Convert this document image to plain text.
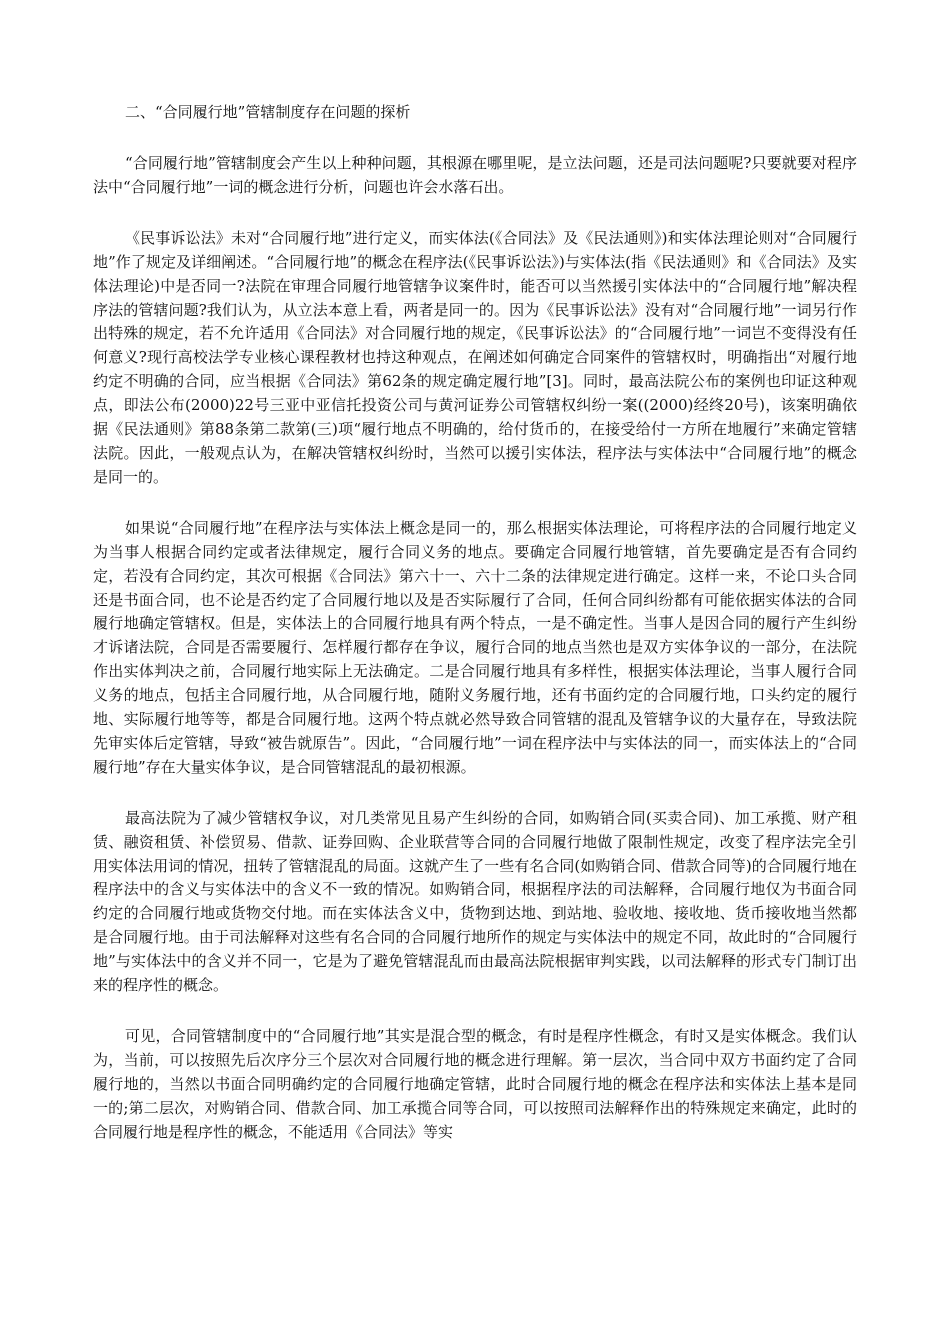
二、“合同履行地”管辖制度存在问题的探析

“合同履行地”管辖制度会产生以上种种问题，其根源在哪里呢，是立法问题，还是司法问题呢?只要就要对程序法中“合同履行地”一词的概念进行分析，问题也许会水落石出。

《民事诉讼法》未对“合同履行地”进行定义，而实体法(《合同法》及《民法通则》)和实体法理论则对“合同履行地”作了规定及详细阐述。“合同履行地”的概念在程序法(《民事诉讼法》)与实体法(指《民法通则》和《合同法》及实体法理论)中是否同一?法院在审理合同履行地管辖争议案件时，能否可以当然援引实体法中的“合同履行地”解决程序法的管辖问题?我们认为，从立法本意上看，两者是同一的。因为《民事诉讼法》没有对“合同履行地”一词另行作出特殊的规定，若不允许适用《合同法》对合同履行地的规定，《民事诉讼法》的“合同履行地”一词岂不变得没有任何意义?现行高校法学专业核心课程教材也持这种观点，在阐述如何确定合同案件的管辖权时，明确指出“对履行地约定不明确的合同，应当根据《合同法》第62条的规定确定履行地”[3]。同时，最高法院公布的案例也印证这种观点，即法公布(2000)22号三亚中亚信托投资公司与黄河证券公司管辖权纠纷一案((2000)经终20号)，该案明确依据《民法通则》第88条第二款第(三)项“履行地点不明确的，给付货币的，在接受给付一方所在地履行”来确定管辖法院。因此，一般观点认为，在解决管辖权纠纷时，当然可以援引实体法，程序法与实体法中“合同履行地”的概念是同一的。

如果说“合同履行地”在程序法与实体法上概念是同一的，那么根据实体法理论，可将程序法的合同履行地定义为当事人根据合同约定或者法律规定，履行合同义务的地点。要确定合同履行地管辖，首先要确定是否有合同约定，若没有合同约定，其次可根据《合同法》第六十一、六十二条的法律规定进行确定。这样一来，不论口头合同还是书面合同，也不论是否约定了合同履行地以及是否实际履行了合同，任何合同纠纷都有可能依据实体法的合同履行地确定管辖权。但是，实体法上的合同履行地具有两个特点，一是不确定性。当事人是因合同的履行产生纠纷才诉诸法院，合同是否需要履行、怎样履行都存在争议，履行合同的地点当然也是双方实体争议的一部分，在法院作出实体判决之前，合同履行地实际上无法确定。二是合同履行地具有多样性，根据实体法理论，当事人履行合同义务的地点，包括主合同履行地，从合同履行地，随附义务履行地，还有书面约定的合同履行地，口头约定的履行地、实际履行地等等，都是合同履行地。这两个特点就必然导致合同管辖的混乱及管辖争议的大量存在，导致法院先审实体后定管辖，导致“被告就原告”。因此，“合同履行地”一词在程序法中与实体法的同一，而实体法上的“合同履行地”存在大量实体争议，是合同管辖混乱的最初根源。

最高法院为了减少管辖权争议，对几类常见且易产生纠纷的合同，如购销合同(买卖合同)、加工承揽、财产租赁、融资租赁、补偿贸易、借款、证券回购、企业联营等合同的合同履行地做了限制性规定，改变了程序法完全引用实体法用词的情况，扭转了管辖混乱的局面。这就产生了一些有名合同(如购销合同、借款合同等)的合同履行地在程序法中的含义与实体法中的含义不一致的情况。如购销合同，根据程序法的司法解释，合同履行地仅为书面合同约定的合同履行地或货物交付地。而在实体法含义中，货物到达地、到站地、验收地、接收地、货币接收地当然都是合同履行地。由于司法解释对这些有名合同的合同履行地所作的规定与实体法中的规定不同，故此时的“合同履行地”与实体法中的含义并不同一，它是为了避免管辖混乱而由最高法院根据审判实践，以司法解释的形式专门制订出来的程序性的概念。

可见，合同管辖制度中的“合同履行地”其实是混合型的概念，有时是程序性概念，有时又是实体概念。我们认为，当前，可以按照先后次序分三个层次对合同履行地的概念进行理解。第一层次，当合同中双方书面约定了合同履行地的，当然以书面合同明确约定的合同履行地确定管辖，此时合同履行地的概念在程序法和实体法上基本是同一的;第二层次，对购销合同、借款合同、加工承揽合同等合同，可以按照司法解释作出的特殊规定来确定，此时的合同履行地是程序性的概念，不能适用《合同法》等实
